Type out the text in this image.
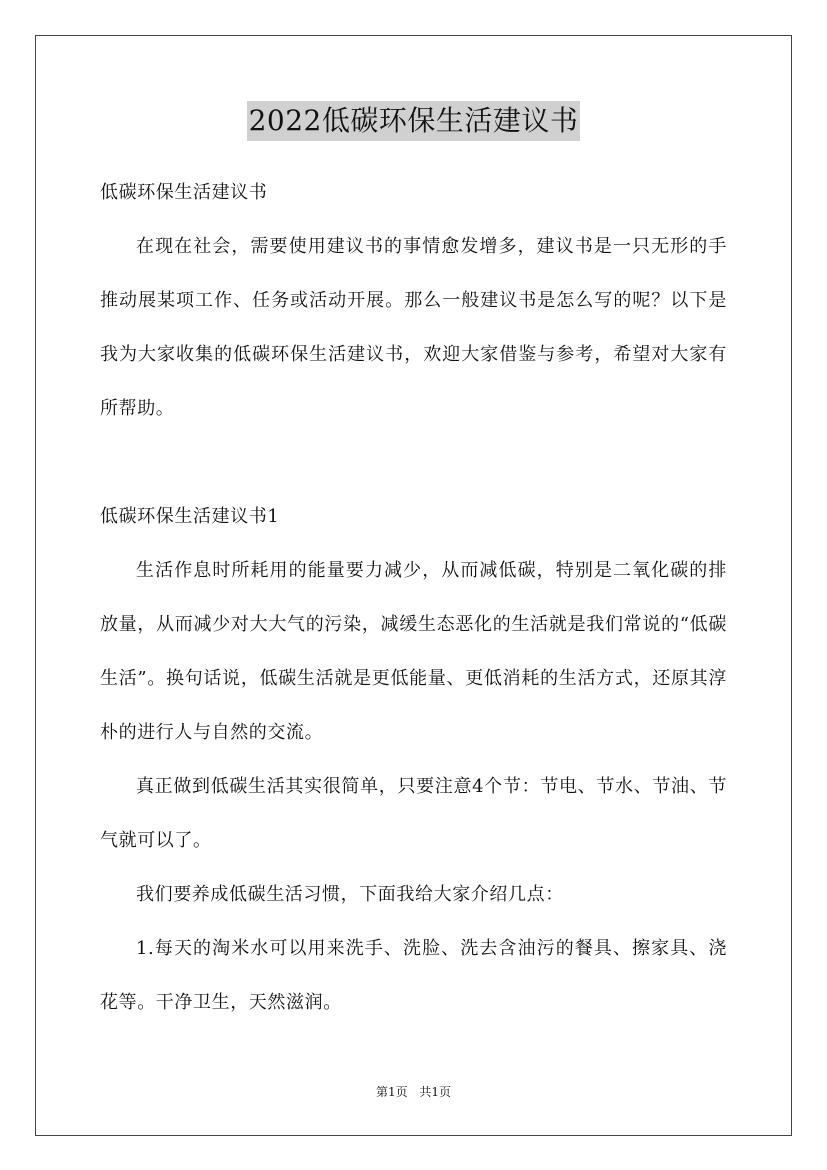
2022低碳环保生活建议书

低碳环保生活建议书

在现在社会，需要使用建议书的事情愈发增多，建议书是一只无形的手推动展某项工作、任务或活动开展。那么一般建议书是怎么写的呢？以下是我为大家收集的低碳环保生活建议书，欢迎大家借鉴与参考，希望对大家有所帮助。

低碳环保生活建议书1

生活作息时所耗用的能量要力减少，从而减低碳，特别是二氧化碳的排放量，从而减少对大大气的污染，减缓生态恶化的生活就是我们常说的“低碳生活”。换句话说，低碳生活就是更低能量、更低消耗的生活方式，还原其淳朴的进行人与自然的交流。

真正做到低碳生活其实很简单，只要注意4个节：节电、节水、节油、节气就可以了。

我们要养成低碳生活习惯，下面我给大家介绍几点：

1.每天的淘米水可以用来洗手、洗脸、洗去含油污的餐具、擦家具、浇花等。干净卫生，天然滋润。

第1页 共1页
